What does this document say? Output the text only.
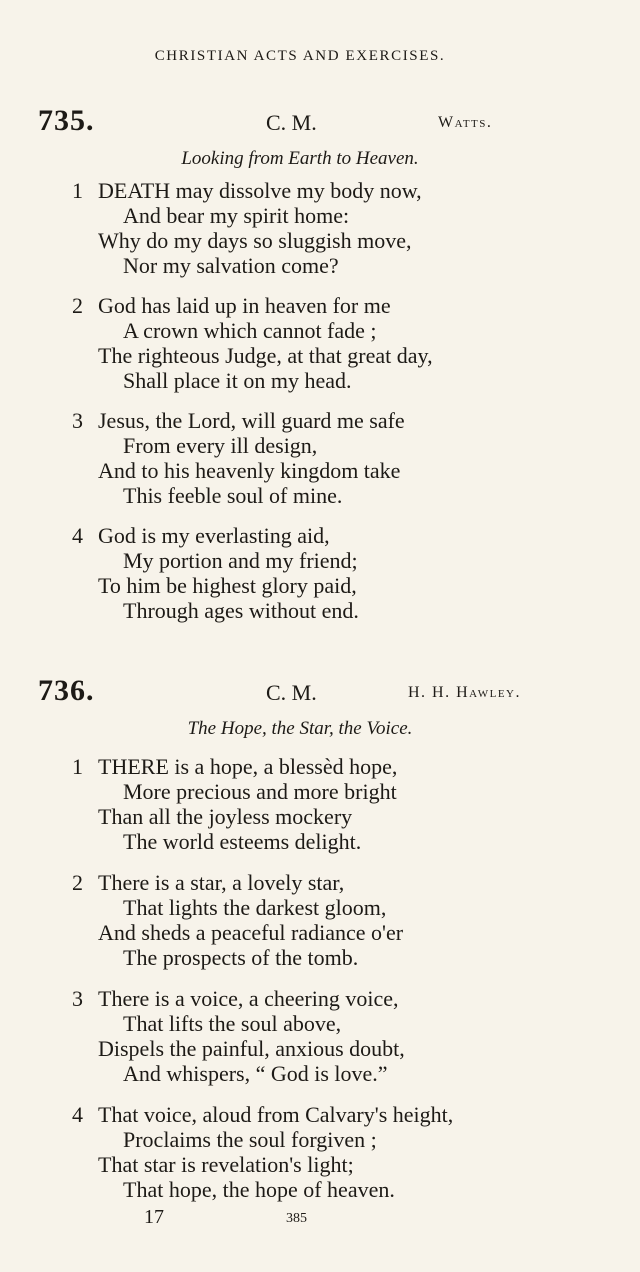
CHRISTIAN ACTS AND EXERCISES.
735.	C. M.	Watts.
Looking from Earth to Heaven.
1 DEATH may dissolve my body now,
And bear my spirit home:
Why do my days so sluggish move,
Nor my salvation come?
2 God has laid up in heaven for me
A crown which cannot fade ;
The righteous Judge, at that great day,
Shall place it on my head.
3 Jesus, the Lord, will guard me safe
From every ill design,
And to his heavenly kingdom take
This feeble soul of mine.
4 God is my everlasting aid,
My portion and my friend;
To him be highest glory paid,
Through ages without end.
736.	C. M.	H. H. Hawley.
The Hope, the Star, the Voice.
1 THERE is a hope, a blessèd hope,
More precious and more bright
Than all the joyless mockery
The world esteems delight.
2 There is a star, a lovely star,
That lights the darkest gloom,
And sheds a peaceful radiance o'er
The prospects of the tomb.
3 There is a voice, a cheering voice,
That lifts the soul above,
Dispels the painful, anxious doubt,
And whispers, “ God is love.”
4 That voice, aloud from Calvary's height,
Proclaims the soul forgiven ;
That star is revelation's light;
That hope, the hope of heaven.
17	385
